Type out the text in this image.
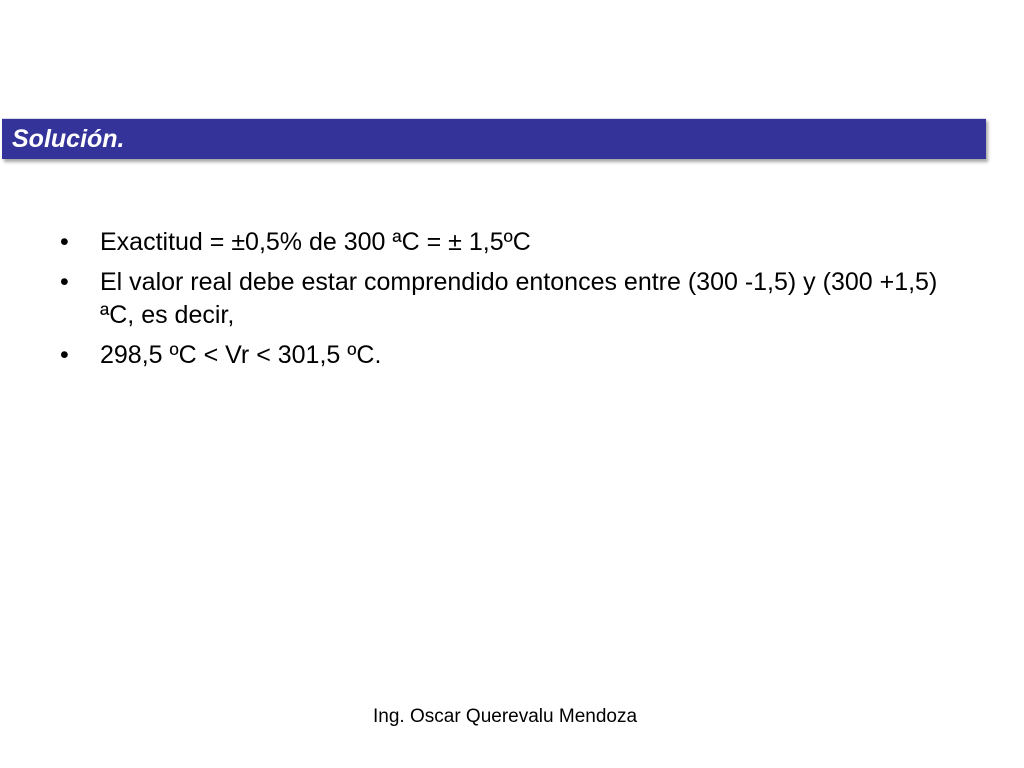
Solución.
• Exactitud = ±0,5% de 300 ªC = ± 1,5ºC
• El valor real debe estar comprendido entonces entre (300 -1,5) y (300 +1,5) ªC, es decir,
• 298,5 ºC < Vr < 301,5 ºC.
Ing. Oscar Querevalu Mendoza
